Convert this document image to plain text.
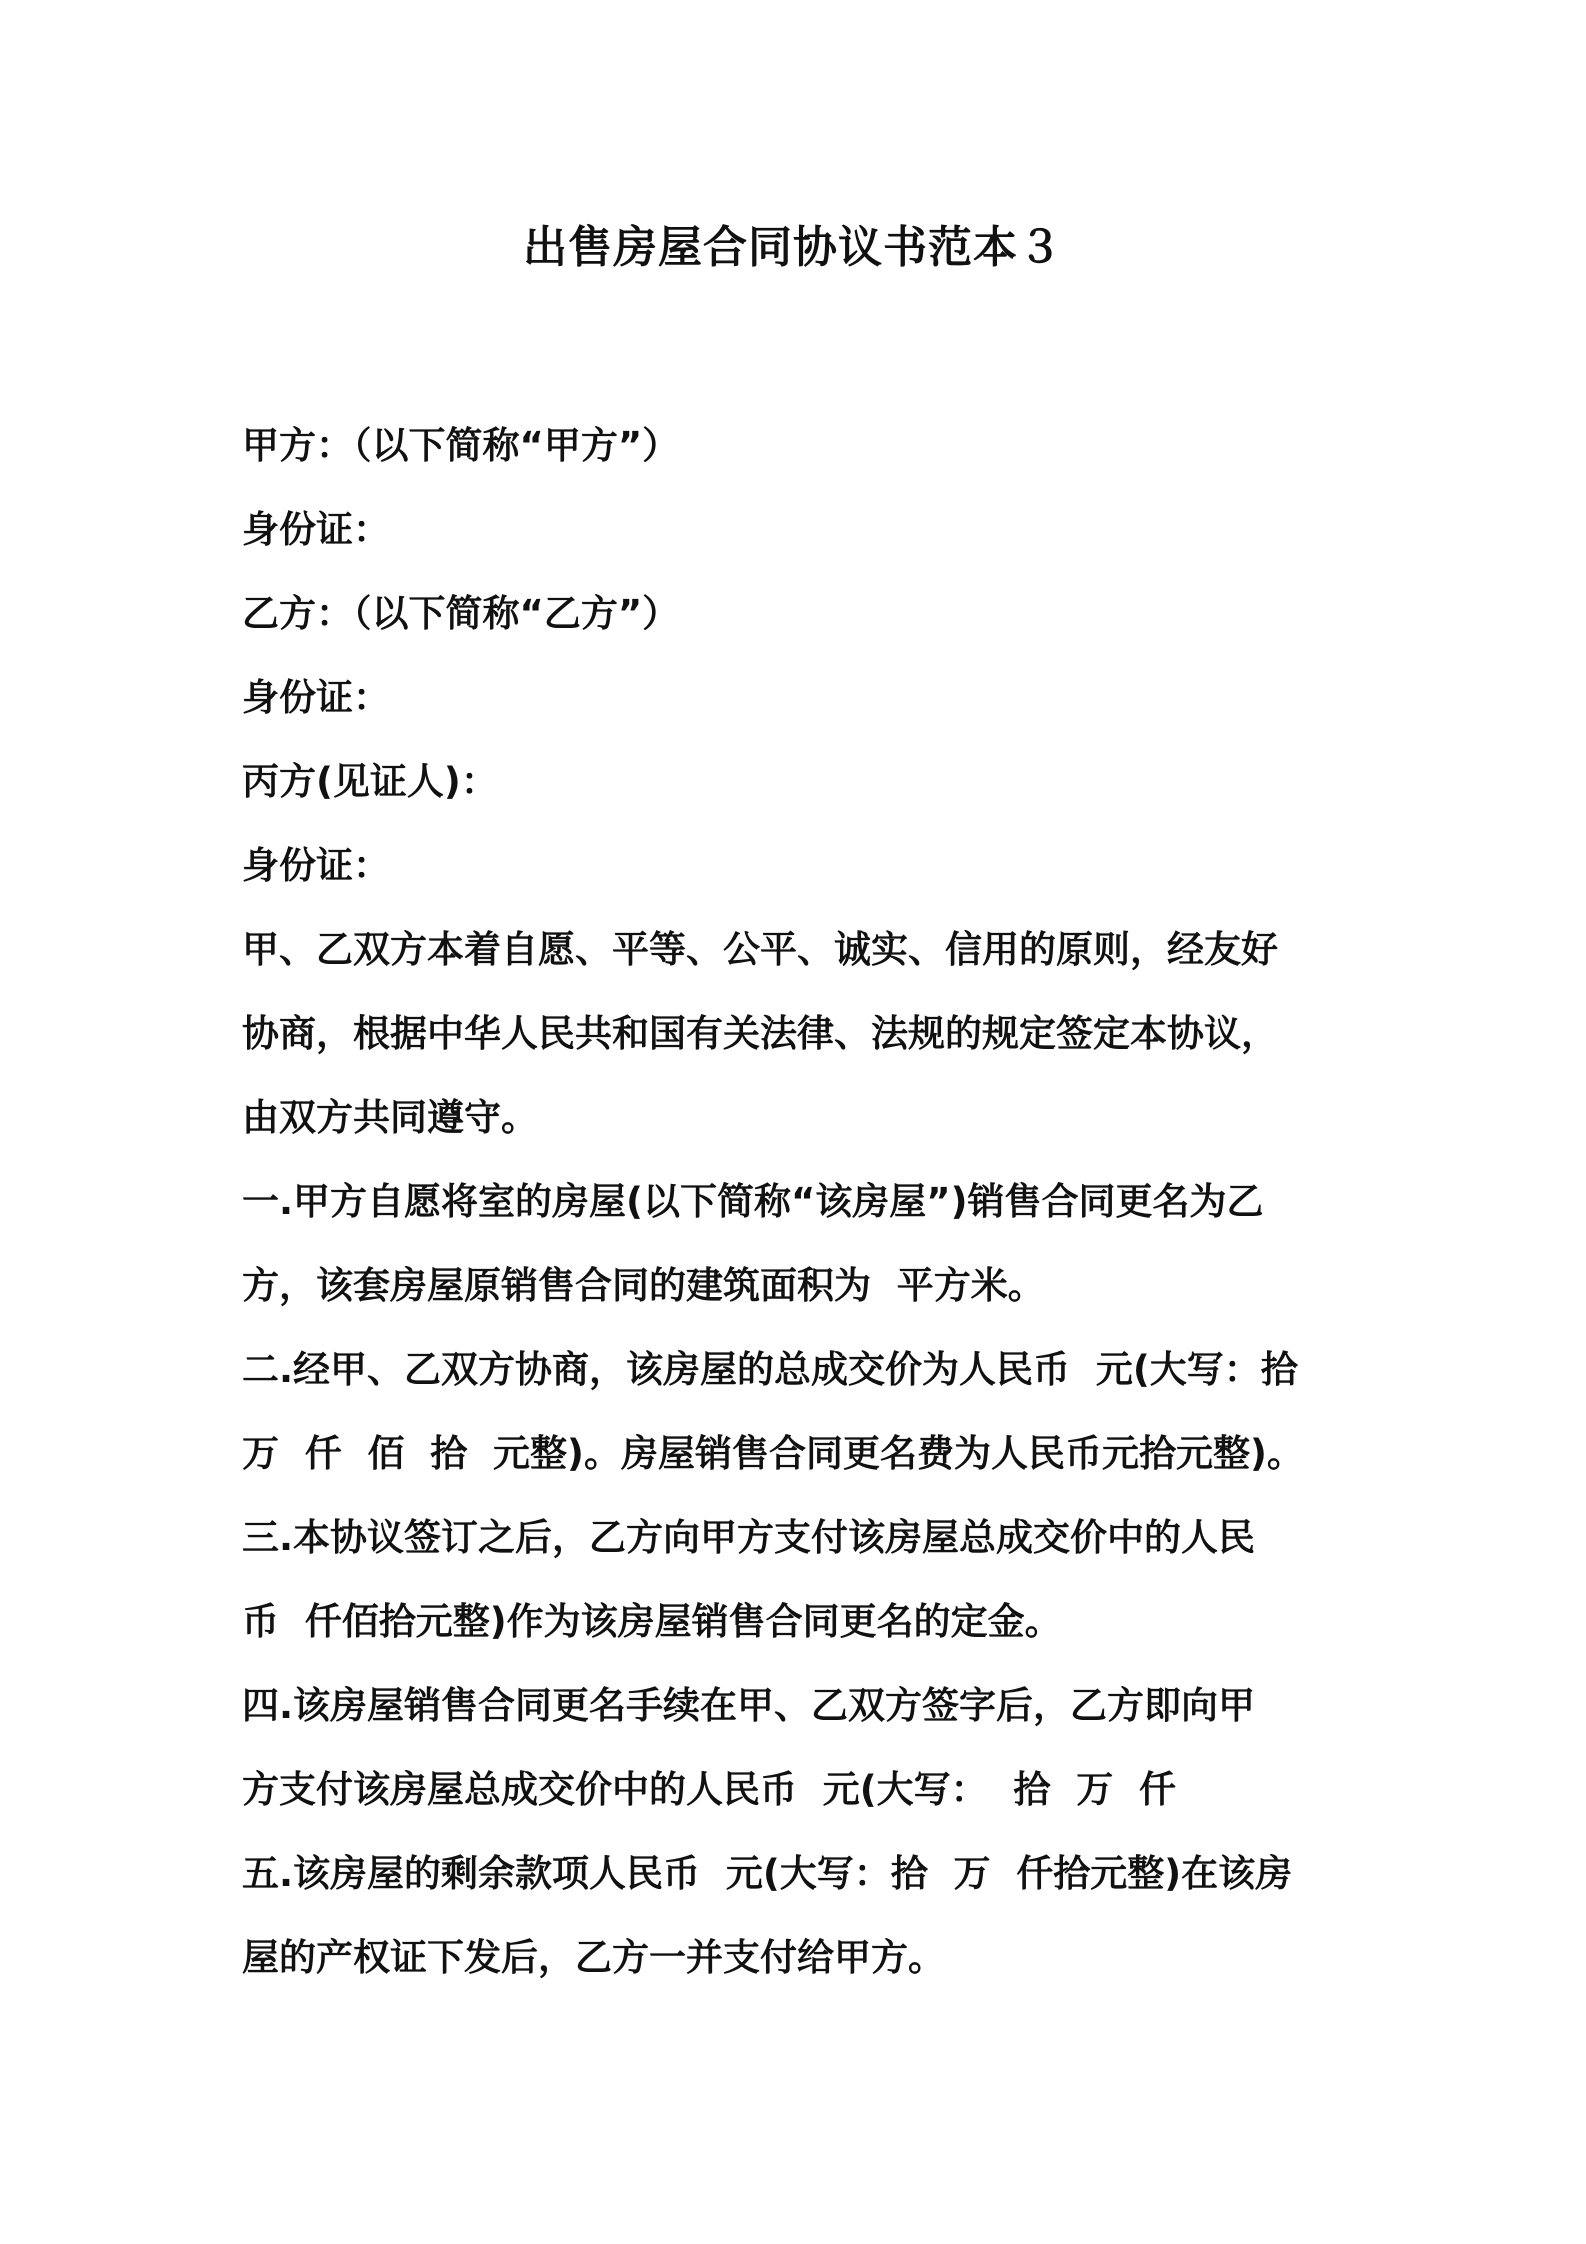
出售房屋合同协议书范本３
甲方：（以下简称“甲方”）
身份证：
乙方：（以下简称“乙方”）
身份证：
丙方(见证人)：
身份证：
甲、乙双方本着自愿、平等、公平、诚实、信用的原则，经友好
协商，根据中华人民共和国有关法律、法规的规定签定本协议，
由双方共同遵守。
一.甲方自愿将室的房屋(以下简称“该房屋”)销售合同更名为乙
方，该套房屋原销售合同的建筑面积为  平方米。
二.经甲、乙双方协商，该房屋的总成交价为人民币  元(大写：拾
万  仟  佰  拾  元整)。房屋销售合同更名费为人民币元拾元整)。
三.本协议签订之后，乙方向甲方支付该房屋总成交价中的人民
币  仟佰拾元整)作为该房屋销售合同更名的定金。
四.该房屋销售合同更名手续在甲、乙双方签字后，乙方即向甲
方支付该房屋总成交价中的人民币  元(大写：  拾  万  仟
五.该房屋的剩余款项人民币  元(大写：拾  万  仟拾元整)在该房
屋的产权证下发后，乙方一并支付给甲方。
